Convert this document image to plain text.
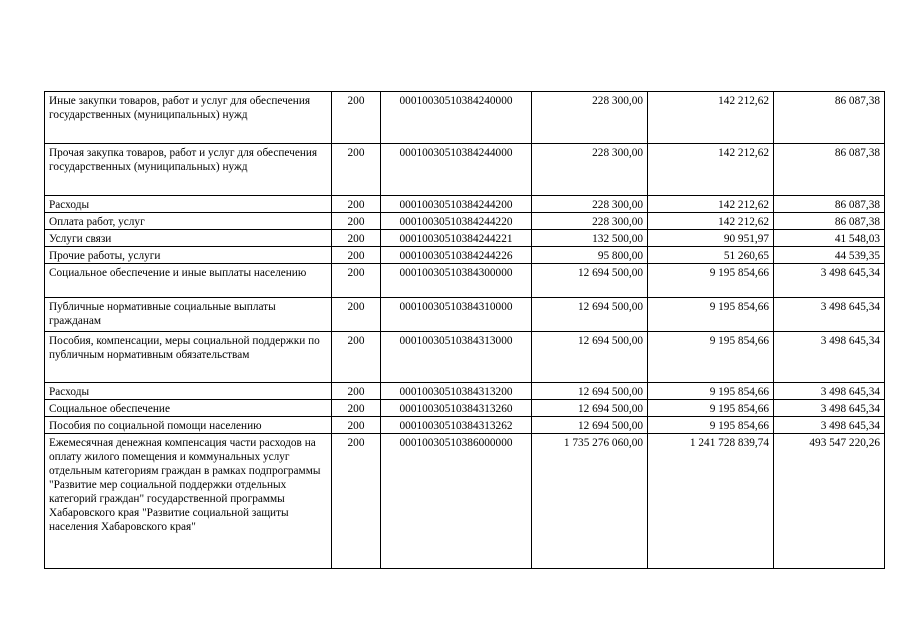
Иные закупки товаров, работ и услуг для обеспечения государственных (муниципальных) нужд	200	00010030510384240000	228 300,00	142 212,62	86 087,38
Прочая закупка товаров, работ и услуг для обеспечения государственных (муниципальных) нужд	200	00010030510384244000	228 300,00	142 212,62	86 087,38
Расходы	200	00010030510384244200	228 300,00	142 212,62	86 087,38
Оплата работ, услуг	200	00010030510384244220	228 300,00	142 212,62	86 087,38
Услуги связи	200	00010030510384244221	132 500,00	90 951,97	41 548,03
Прочие работы, услуги	200	00010030510384244226	95 800,00	51 260,65	44 539,35
Социальное обеспечение и иные выплаты населению	200	00010030510384300000	12 694 500,00	9 195 854,66	3 498 645,34
Публичные нормативные социальные выплаты гражданам	200	00010030510384310000	12 694 500,00	9 195 854,66	3 498 645,34
Пособия, компенсации, меры социальной поддержки по публичным нормативным обязательствам	200	00010030510384313000	12 694 500,00	9 195 854,66	3 498 645,34
Расходы	200	00010030510384313200	12 694 500,00	9 195 854,66	3 498 645,34
Социальное обеспечение	200	00010030510384313260	12 694 500,00	9 195 854,66	3 498 645,34
Пособия по социальной помощи населению	200	00010030510384313262	12 694 500,00	9 195 854,66	3 498 645,34
Ежемесячная денежная компенсация части расходов на оплату жилого помещения и коммунальных услуг отдельным категориям граждан в рамках подпрограммы "Развитие мер социальной поддержки отдельных категорий граждан" государственной программы Хабаровского края "Развитие социальной защиты населения Хабаровского края"	200	00010030510386000000	1 735 276 060,00	1 241 728 839,74	493 547 220,26
